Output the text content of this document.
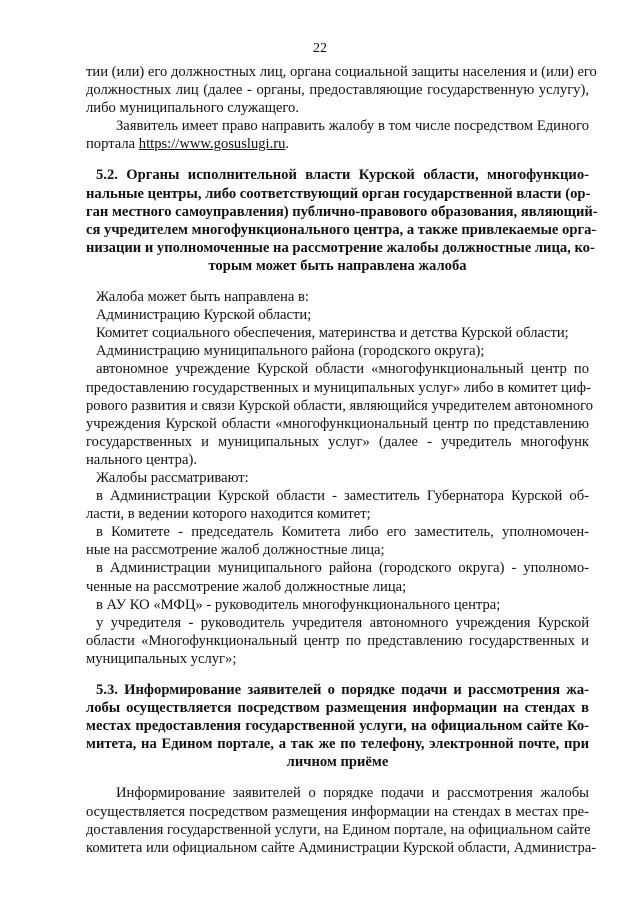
22
тии (или) его должностных лиц, органа социальной защиты населения и (или) его
должностных лиц (далее - органы, предоставляющие государственную услугу),
либо муниципального служащего.
Заявитель имеет право направить жалобу в том числе посредством Единого
портала https://www.gosuslugi.ru.
5.2. Органы исполнительной власти Курской области, многофункцио-
нальные центры, либо соответствующий орган государственной власти (ор-
ган местного самоуправления) публично-правового образования, являющий-
ся учредителем многофункционального центра, а также привлекаемые орга-
низации и уполномоченные на рассмотрение жалобы должностные лица, ко-
торым может быть направлена жалоба
Жалоба может быть направлена в:
Администрацию Курской области;
Комитет социального обеспечения, материнства и детства Курской области;
Администрацию муниципального района (городского округа);
автономное учреждение Курской области «многофункциональный центр по
предоставлению государственных и муниципальных услуг» либо в комитет циф-
рового развития и связи Курской области, являющийся учредителем автономного
учреждения Курской области «многофункциональный центр по представлению
государственных и муниципальных услуг» (далее - учредитель многофунк
нального центра).
Жалобы рассматривают:
в Администрации Курской области - заместитель Губернатора Курской об-
ласти, в ведении которого находится комитет;
в Комитете - председатель Комитета либо его заместитель, уполномочен-
ные на рассмотрение жалоб должностные лица;
в Администрации муниципального района (городского округа) - уполномо-
ченные на рассмотрение жалоб должностные лица;
в АУ КО «МФЦ» - руководитель многофункционального центра;
у учредителя - руководитель учредителя автономного учреждения Курской
области «Многофункциональный центр по представлению государственных и
муниципальных услуг»;
5.3. Информирование заявителей о порядке подачи и рассмотрения жа-
лобы осуществляется посредством размещения информации на стендах в
местах предоставления государственной услуги, на официальном сайте Ко-
митета, на Едином портале, а так же по телефону, электронной почте, при
личном приёме
Информирование заявителей о порядке подачи и рассмотрения жалобы
осуществляется посредством размещения информации на стендах в местах пре-
доставления государственной услуги, на Едином портале, на официальном сайте
комитета или официальном сайте Администрации Курской области, Администра-
